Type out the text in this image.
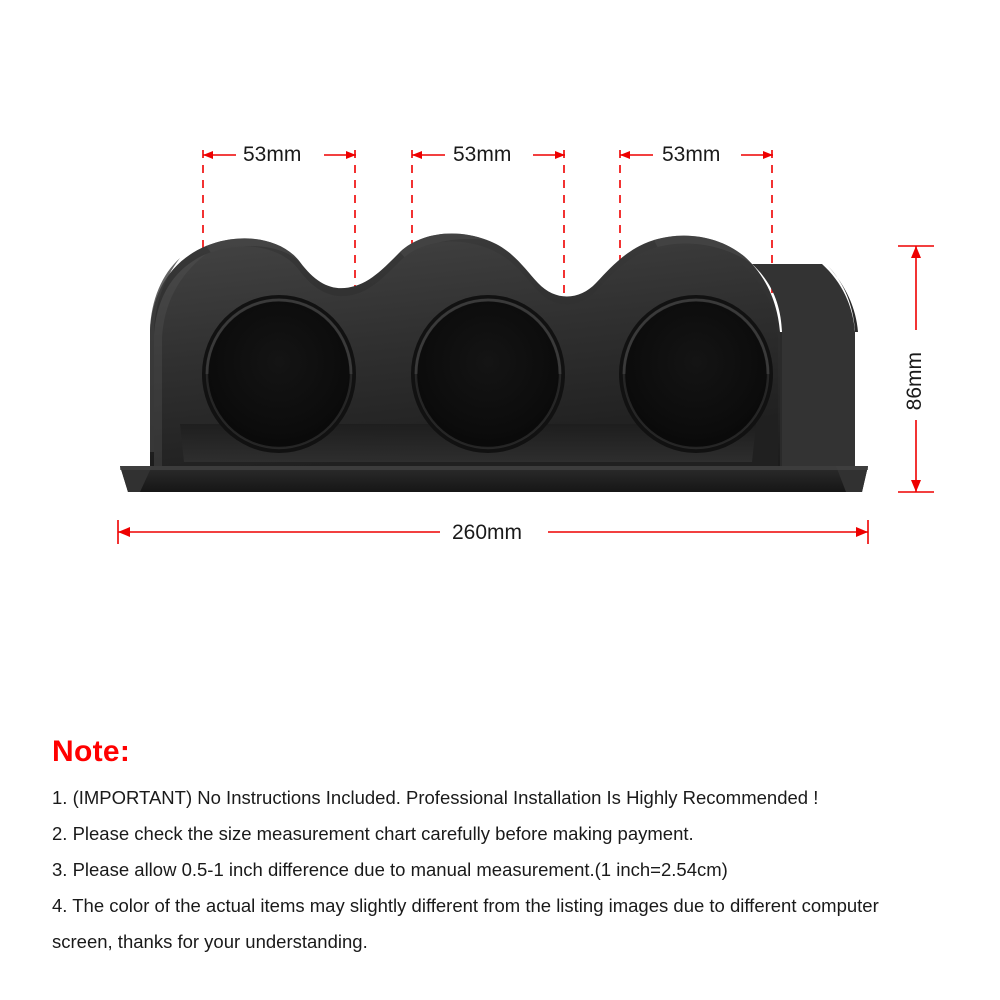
53mm	53mm	53mm
260mm
86mm
Note:

1. (IMPORTANT) No Instructions Included. Professional Installation Is Highly Recommended !

2. Please check the size measurement chart carefully before making payment.

3. Please allow 0.5-1 inch difference due to manual measurement.(1 inch=2.54cm)

4. The color of the actual items may slightly different from the listing images due to different computer

screen, thanks for your understanding.
